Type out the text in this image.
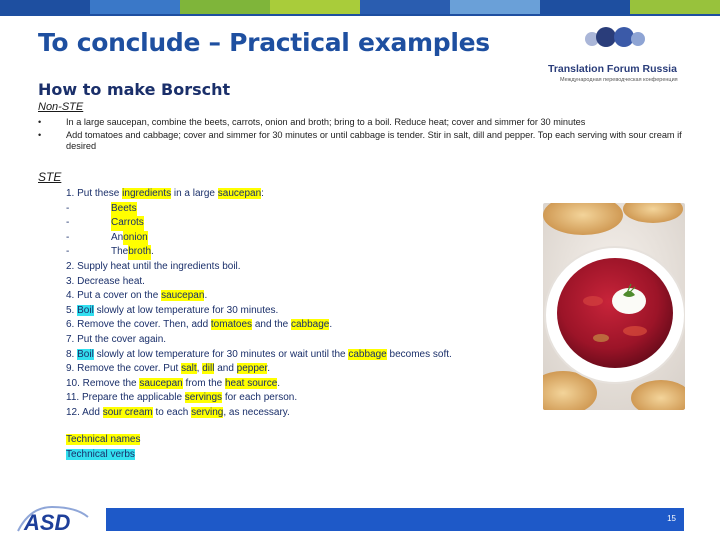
To conclude – Practical examples
How to make Borscht
Translation Forum Russia
Международная переводческая конференция
Non-STE
•	In a large saucepan, combine the beets, carrots, onion and broth; bring to a boil. Reduce heat; cover and simmer for 30 minutes
•	Add tomatoes and cabbage; cover and simmer for 30 minutes or until cabbage is tender. Stir in salt, dill and pepper. Top each serving with sour cream if desired
STE
1. Put these ingredients in a large saucepan:
-	Beets
-	Carrots
-	An onion
-	The broth .
2. Supply heat until the ingredients boil.
3. Decrease heat.
4. Put a cover on the saucepan.
5. Boil slowly at low temperature for 30 minutes.
6. Remove the cover. Then, add tomatoes and the cabbage.
7. Put the cover again.
8. Boil slowly at low temperature for 30 minutes or wait until the cabbage becomes soft.
9. Remove the cover. Put salt, dill and pepper.
10. Remove the saucepan from the heat source.
11. Prepare the applicable servings for each person.
12. Add sour cream to each serving, as necessary.
Technical names
Technical verbs
ASD	15
